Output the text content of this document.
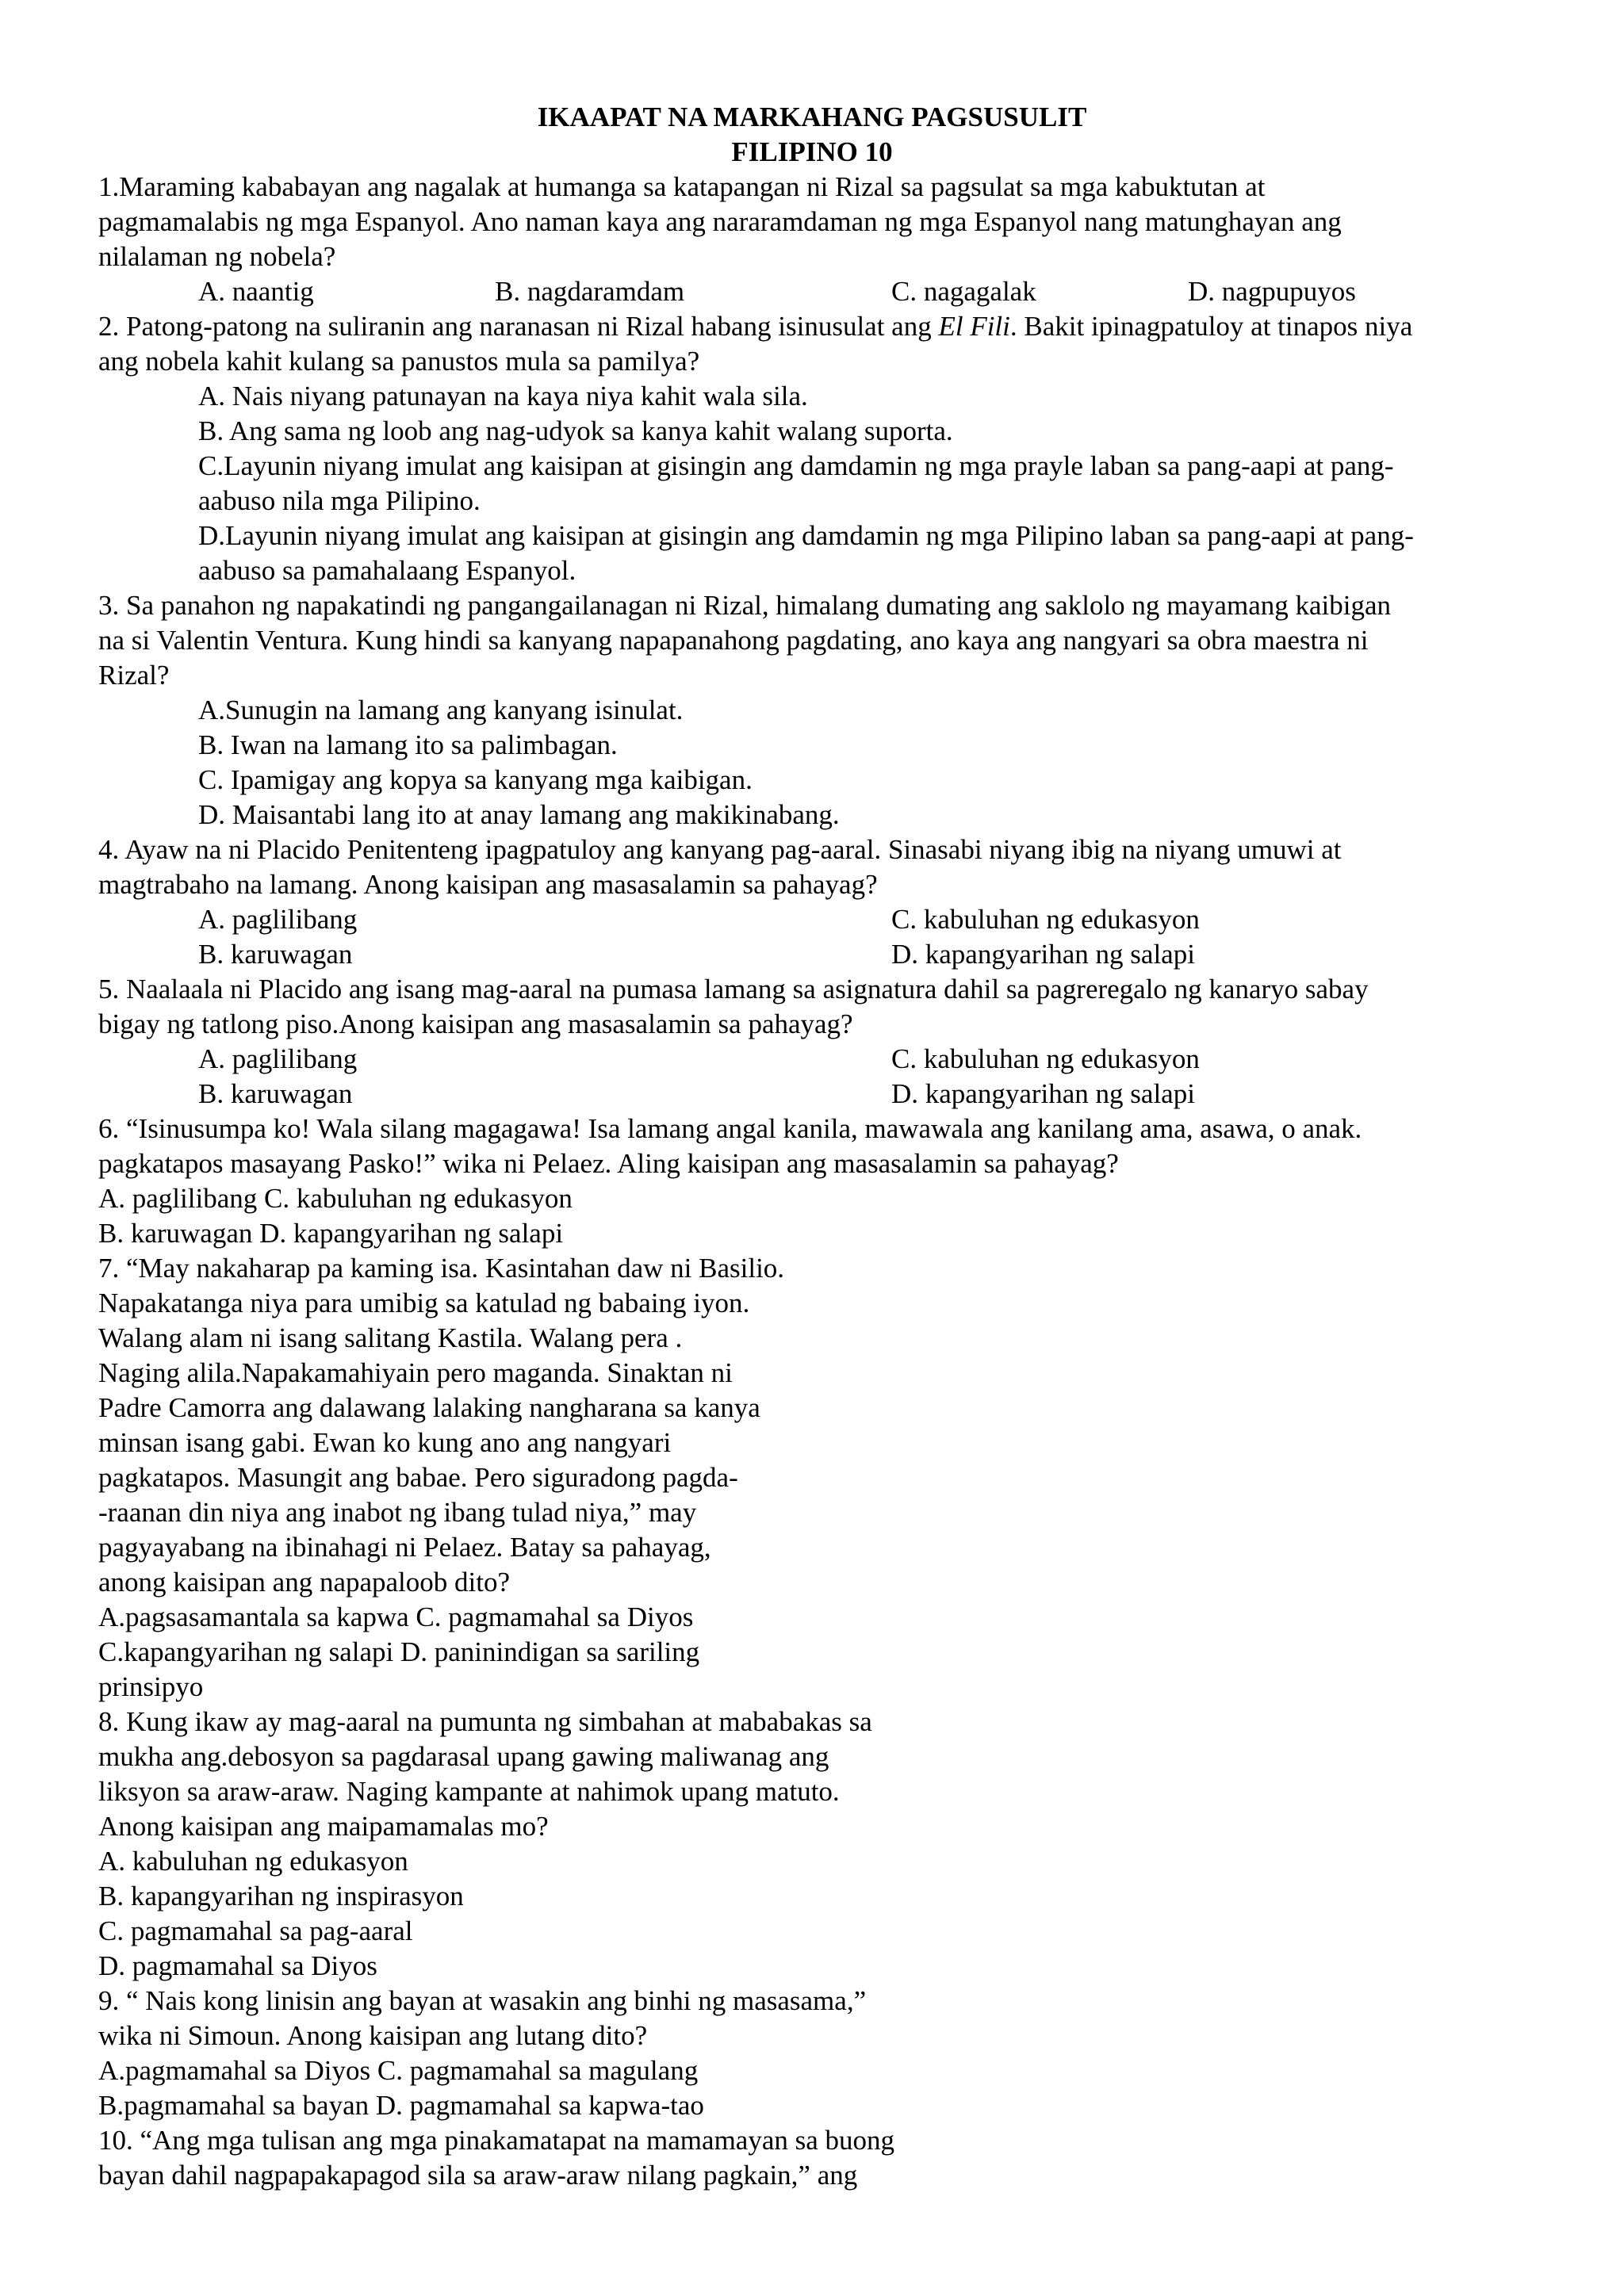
IKAAPAT NA MARKAHANG PAGSUSULIT
FILIPINO 10
1.Maraming kababayan ang nagalak at humanga sa katapangan ni Rizal sa pagsulat sa mga kabuktutan at
pagmamalabis ng mga Espanyol. Ano naman kaya ang nararamdaman ng mga Espanyol nang matunghayan ang
nilalaman ng nobela?
A. naantig	B. nagdaramdam	C. nagagalak	D. nagpupuyos
2. Patong-patong na suliranin ang naranasan ni Rizal habang isinusulat ang El Fili. Bakit ipinagpatuloy at tinapos niya
ang nobela kahit kulang sa panustos mula sa pamilya?
A. Nais niyang patunayan na kaya niya kahit wala sila.
B. Ang sama ng loob ang nag-udyok sa kanya kahit walang suporta.
C.Layunin niyang imulat ang kaisipan at gisingin ang damdamin ng mga prayle laban sa pang-aapi at pang-
aabuso nila mga Pilipino.
D.Layunin niyang imulat ang kaisipan at gisingin ang damdamin ng mga Pilipino laban sa pang-aapi at pang-
aabuso sa pamahalaang Espanyol.
3. Sa panahon ng napakatindi ng pangangailanagan ni Rizal, himalang dumating ang saklolo ng mayamang kaibigan
na si Valentin Ventura. Kung hindi sa kanyang napapanahong pagdating, ano kaya ang nangyari sa obra maestra ni
Rizal?
A.Sunugin na lamang ang kanyang isinulat.
B. Iwan na lamang ito sa palimbagan.
C. Ipamigay ang kopya sa kanyang mga kaibigan.
D. Maisantabi lang ito at anay lamang ang makikinabang.
4. Ayaw na ni Placido Penitenteng ipagpatuloy ang kanyang pag-aaral. Sinasabi niyang ibig na niyang umuwi at
magtrabaho na lamang. Anong kaisipan ang masasalamin sa pahayag?
A. paglilibang	C. kabuluhan ng edukasyon
B. karuwagan	D. kapangyarihan ng salapi
5. Naalaala ni Placido ang isang mag-aaral na pumasa lamang sa asignatura dahil sa pagreregalo ng kanaryo sabay
bigay ng tatlong piso.Anong kaisipan ang masasalamin sa pahayag?
A. paglilibang	C. kabuluhan ng edukasyon
B. karuwagan	D. kapangyarihan ng salapi
6. “Isinusumpa ko! Wala silang magagawa! Isa lamang angal kanila, mawawala ang kanilang ama, asawa, o anak.
pagkatapos masayang Pasko!” wika ni Pelaez. Aling kaisipan ang masasalamin sa pahayag?
A. paglilibang C. kabuluhan ng edukasyon
B. karuwagan D. kapangyarihan ng salapi
7. “May nakaharap pa kaming isa. Kasintahan daw ni Basilio.
Napakatanga niya para umibig sa katulad ng babaing iyon.
Walang alam ni isang salitang Kastila. Walang pera .
Naging alila.Napakamahiyain pero maganda. Sinaktan ni
Padre Camorra ang dalawang lalaking nangharana sa kanya
minsan isang gabi. Ewan ko kung ano ang nangyari
pagkatapos. Masungit ang babae. Pero siguradong pagda-
-raanan din niya ang inabot ng ibang tulad niya,” may
pagyayabang na ibinahagi ni Pelaez. Batay sa pahayag,
anong kaisipan ang napapaloob dito?
A.pagsasamantala sa kapwa C. pagmamahal sa Diyos
C.kapangyarihan ng salapi D. paninindigan sa sariling
prinsipyo
8. Kung ikaw ay mag-aaral na pumunta ng simbahan at mababakas sa
mukha ang.debosyon sa pagdarasal upang gawing maliwanag ang
liksyon sa araw-araw. Naging kampante at nahimok upang matuto.
Anong kaisipan ang maipamamalas mo?
A. kabuluhan ng edukasyon
B. kapangyarihan ng inspirasyon
C. pagmamahal sa pag-aaral
D. pagmamahal sa Diyos
9. “ Nais kong linisin ang bayan at wasakin ang binhi ng masasama,”
wika ni Simoun. Anong kaisipan ang lutang dito?
A.pagmamahal sa Diyos C. pagmamahal sa magulang
B.pagmamahal sa bayan D. pagmamahal sa kapwa-tao
10. “Ang mga tulisan ang mga pinakamatapat na mamamayan sa buong
bayan dahil nagpapakapagod sila sa araw-araw nilang pagkain,” ang
